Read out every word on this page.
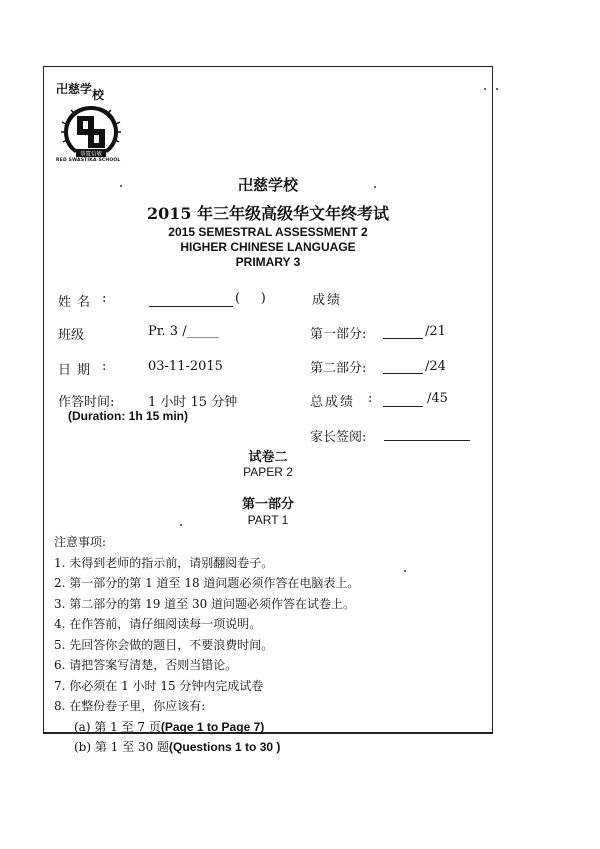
卍慈学校
恭寬信敏
RED SWASTIKA SCHOOL
卍慈学校
2015 年三年级高级华文年终考试
2015 SEMESTRAL ASSESSMENT 2
HIGHER CHINESE LANGUAGE
PRIMARY 3
姓名 :	(     )	成绩
班级	Pr. 3 /_____	第一部分:	/21
日期 :	03-11-2015	第二部分:	/24
作答时间:	1 小时 15 分钟
(Duration: 1h 15 min)
总成绩 :	/45
家长签阅:
试卷二
PAPER 2
第一部分
PART 1
注意事项:
1. 未得到老师的指示前，请别翻阅卷子。
2. 第一部分的第 1 道至 18 道问题必须作答在电脑表上。
3. 第二部分的第 19 道至 30 道问题必须作答在试卷上。
4. 在作答前，请仔细阅读每一项说明。
5. 先回答你会做的题目，不要浪费时间。
6. 请把答案写清楚，否则当错论。
7. 你必须在 1 小时 15 分钟内完成试卷
8. 在整份卷子里，你应该有:
(a) 第 1 至 7 页(Page 1 to Page 7)
(b) 第 1 至 30 题(Questions 1 to 30 )
